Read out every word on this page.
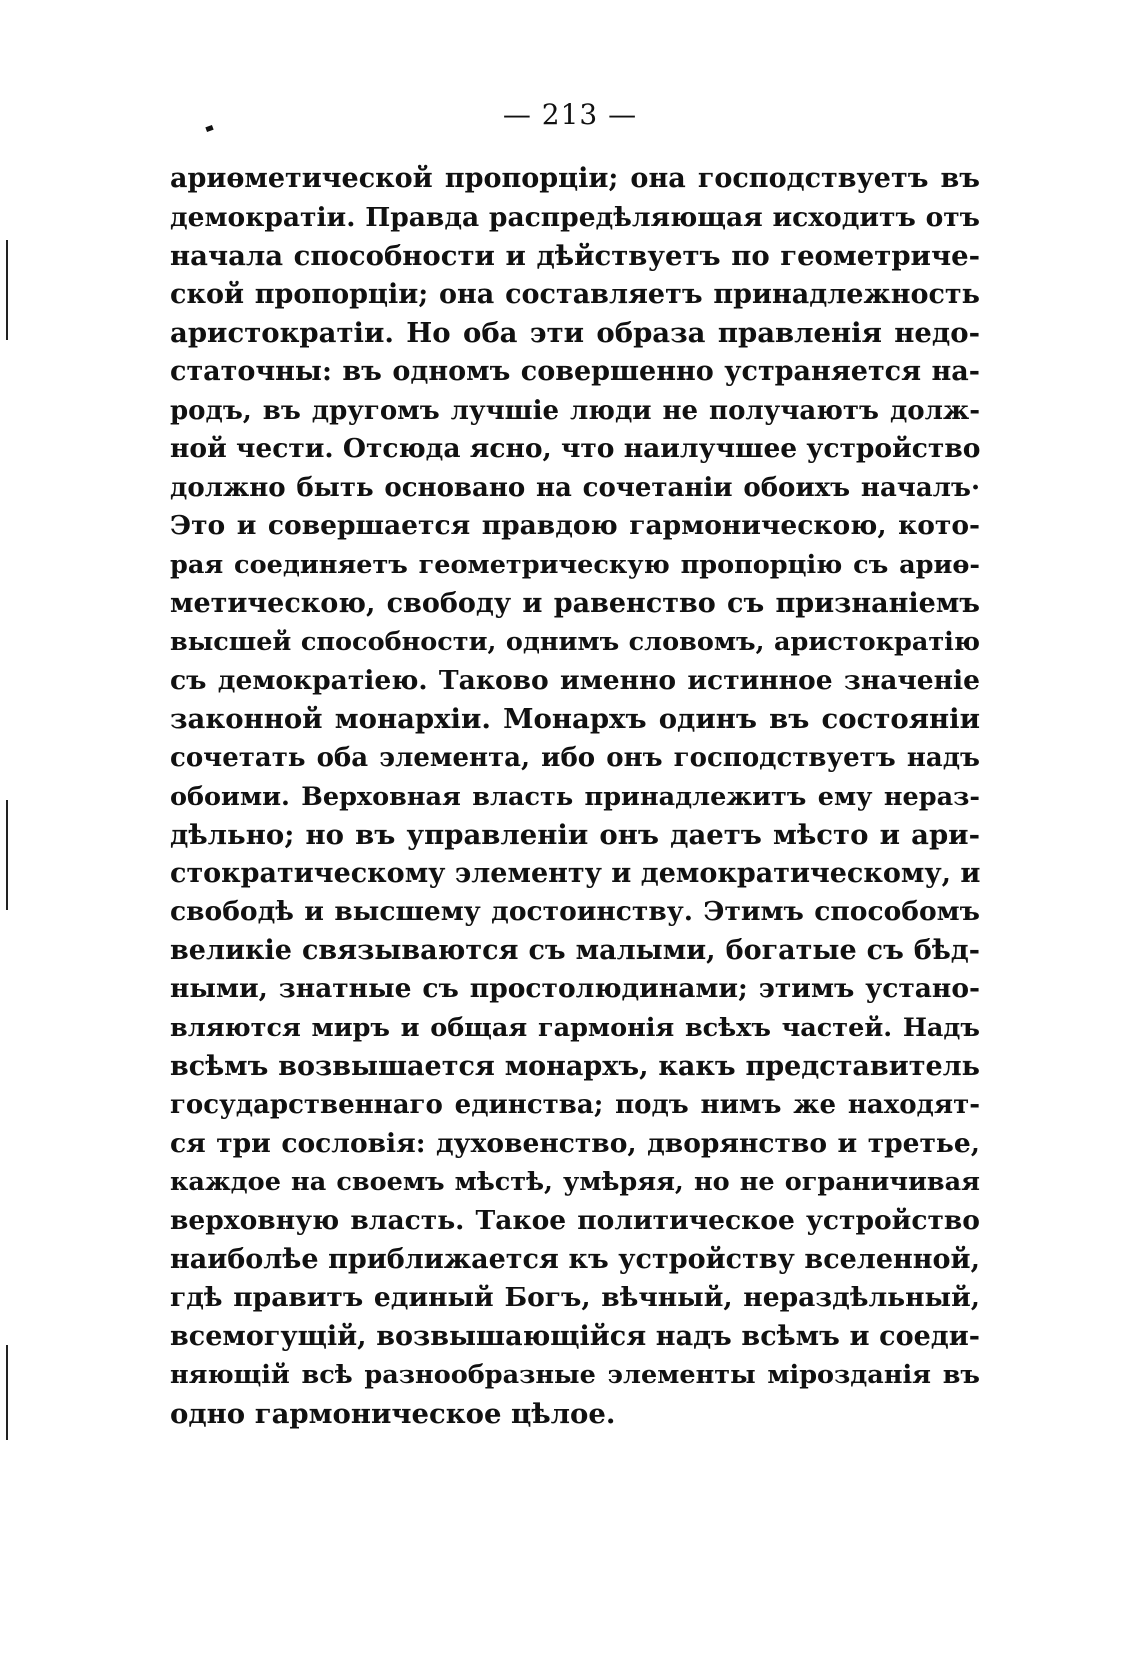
— 213 —
ариөметической пропорціи; она господствуетъ въ
демократіи. Правда распредѣляющая исходитъ отъ
начала способности и дѣйствуетъ по геометриче-
ской пропорціи; она составляетъ принадлежность
аристократіи. Но оба эти образа правленія недо-
статочны: въ одномъ совершенно устраняется на-
родъ, въ другомъ лучшіе люди не получаютъ долж-
ной чести. Отсюда ясно, что наилучшее устройство
должно быть основано на сочетаніи обоихъ началъ·
Это и совершается правдою гармоническою, кото-
рая соединяетъ геометрическую пропорцію съ ариө-
метическою, свободу и равенство съ признаніемъ
высшей способности, однимъ словомъ, аристократію
съ демократіею. Таково именно истинное значеніе
законной монархіи. Монархъ одинъ въ состояніи
сочетать оба элемента, ибо онъ господствуетъ надъ
обоими. Верховная власть принадлежитъ ему нераз-
дѣльно; но въ управленіи онъ даетъ мѣсто и ари-
стократическому элементу и демократическому, и
свободѣ и высшему достоинству. Этимъ способомъ
великіе связываются съ малыми, богатые съ бѣд-
ными, знатные съ простолюдинами; этимъ устано-
вляются миръ и общая гармонія всѣхъ частей. Надъ
всѣмъ возвышается монархъ, какъ представитель
государственнаго единства; подъ нимъ же находят-
ся три сословія: духовенство, дворянство и третье,
каждое на своемъ мѣстѣ, умѣряя, но не ограничивая
верховную власть. Такое политическое устройство
наиболѣе приближается къ устройству вселенной,
гдѣ правитъ единый Богъ, вѣчный, нераздѣльный,
всемогущій, возвышающійся надъ всѣмъ и соеди-
няющій всѣ разнообразные элементы мірозданія въ
одно гармоническое цѣлое.
